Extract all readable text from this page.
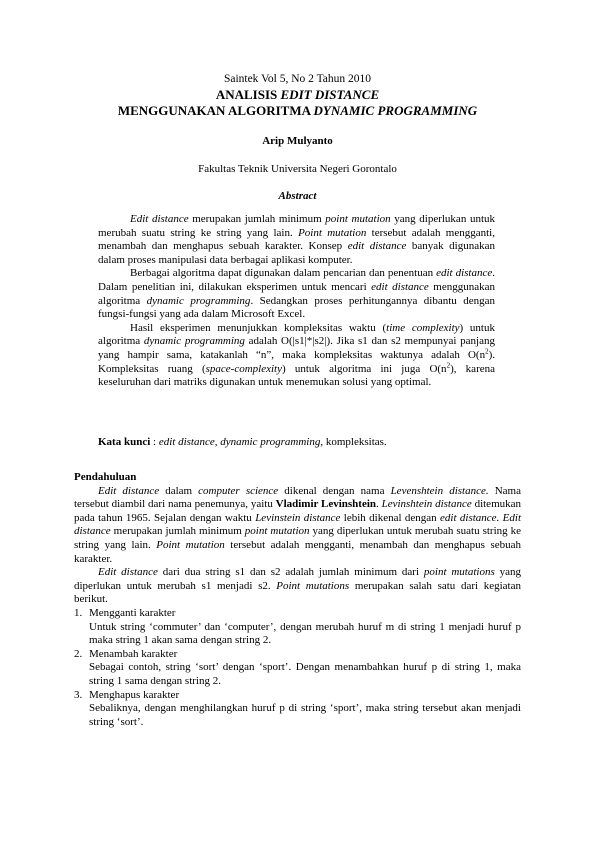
Saintek Vol 5, No 2 Tahun 2010
ANALISIS EDIT DISTANCE
MENGGUNAKAN ALGORITMA DYNAMIC PROGRAMMING
Arip Mulyanto
Fakultas Teknik Universita Negeri Gorontalo
Abstract

Edit distance merupakan jumlah minimum point mutation yang diperlukan untuk merubah suatu string ke string yang lain. Point mutation tersebut adalah mengganti, menambah dan menghapus sebuah karakter. Konsep edit distance banyak digunakan dalam proses manipulasi data berbagai aplikasi komputer.

Berbagai algoritma dapat digunakan dalam pencarian dan penentuan edit distance. Dalam penelitian ini, dilakukan eksperimen untuk mencari edit distance menggunakan algoritma dynamic programming. Sedangkan proses perhitungannya dibantu dengan fungsi-fungsi yang ada dalam Microsoft Excel.

Hasil eksperimen menunjukkan kompleksitas waktu (time complexity) untuk algoritma dynamic programming adalah O(|s1|*|s2|). Jika s1 dan s2 mempunyai panjang yang hampir sama, katakanlah “n”, maka kompleksitas waktunya adalah $O(n^2)$. Kompleksitas ruang (space-complexity) untuk algoritma ini juga $O(n^2)$, karena keseluruhan dari matriks digunakan untuk menemukan solusi yang optimal.

Kata kunci : edit distance, dynamic programming, kompleksitas.
Pendahuluan

Edit distance dalam computer science dikenal dengan nama Levenshtein distance. Nama tersebut diambil dari nama penemunya, yaitu Vladimir Levinshtein. Levinshtein distance ditemukan pada tahun 1965. Sejalan dengan waktu Levinstein distance lebih dikenal dengan edit distance. Edit distance merupakan jumlah minimum point mutation yang diperlukan untuk merubah suatu string ke string yang lain. Point mutation tersebut adalah mengganti, menambah dan menghapus sebuah karakter.

Edit distance dari dua string s1 dan s2 adalah jumlah minimum dari point mutations yang diperlukan untuk merubah s1 menjadi s2. Point mutations merupakan salah satu dari kegiatan berikut.

1. Mengganti karakter
Untuk string ‘commuter’ dan ‘computer’, dengan merubah huruf m di string 1 menjadi huruf p maka string 1 akan sama dengan string 2.
2. Menambah karakter
Sebagai contoh, string ‘sort’ dengan ‘sport’. Dengan menambahkan huruf p di string 1, maka string 1 sama dengan string 2.
3. Menghapus karakter
Sebaliknya, dengan menghilangkan huruf p di string ‘sport’, maka string tersebut akan menjadi string ‘sort’.
